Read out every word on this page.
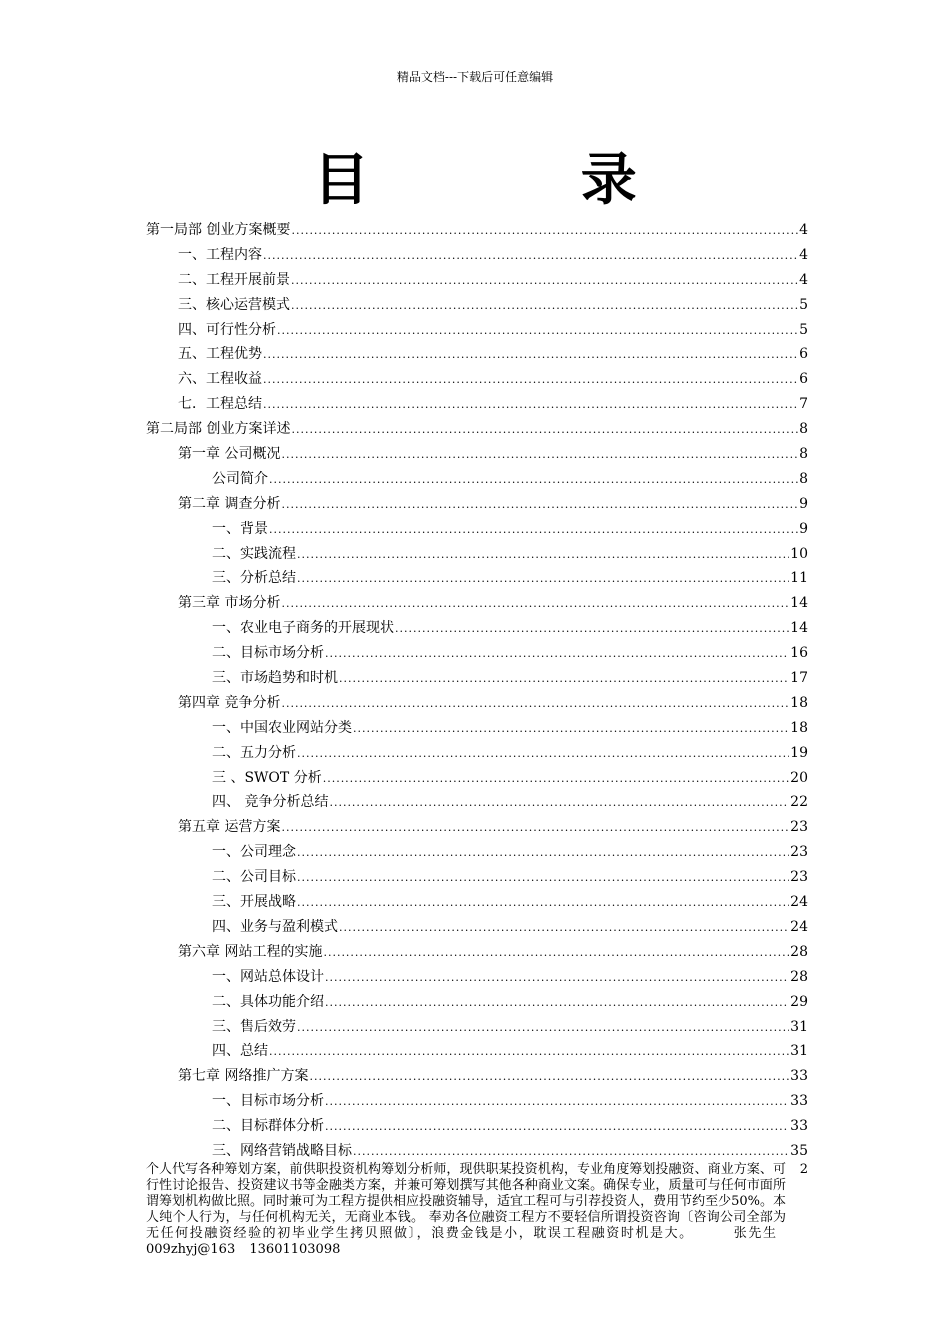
精品文档---下载后可任意编辑
目 录
第一局部 创业方案概要 .....	4
一、工程内容 .....	4
二、工程开展前景 .....	4
三、核心运营模式 .....	5
四、可行性分析 .....	5
五、工程优势 .....	6
六、工程收益 .....	6
七．工程总结 .....	7
第二局部 创业方案详述 .....	8
第一章 公司概况 .....	8
公司简介 .....	8
第二章 调查分析 .....	9
一、背景 .....	9
二、实践流程 .....	10
三、分析总结 .....	11
第三章 市场分析 .....	14
一、农业电子商务的开展现状 .....	14
二、目标市场分析 .....	16
三、市场趋势和时机 .....	17
第四章 竞争分析 .....	18
一、中国农业网站分类 .....	18
二、五力分析 .....	19
三 、SWOT 分析 .....	20
四、 竞争分析总结 .....	22
第五章 运营方案 .....	23
一、公司理念 .....	23
二、公司目标 .....	23
三、开展战略 .....	24
四、业务与盈利模式 .....	24
第六章 网站工程的实施 .....	28
一、网站总体设计 .....	28
二、具体功能介绍 .....	29
三、售后效劳 .....	31
四、总结 .....	31
第七章 网络推广方案 .....	33
一、目标市场分析 .....	33
二、目标群体分析 .....	33
三、网络营销战略目标 .....	35
个人代写各种筹划方案，前供职投资机构筹划分析师，现供职某投资机构，专业角度筹划投融资、商业方案、可行性讨论报告、投资建议书等金融类方案，并兼可筹划撰写其他各种商业文案。确保专业，质量可与任何市面所谓筹划机构做比照。同时兼可为工程方提供相应投融资辅导，适宜工程可与引荐投资人，费用节约至少50%。本人纯个人行为，与任何机构无关，无商业本钱。 奉劝各位融资工程方不要轻信所谓投资咨询〔咨询公司全部为无任何投融资经验的初毕业学生拷贝照做〕，浪费金钱是小，耽误工程融资时机是大。	张先生 009zhyj@163 13601103098
2
